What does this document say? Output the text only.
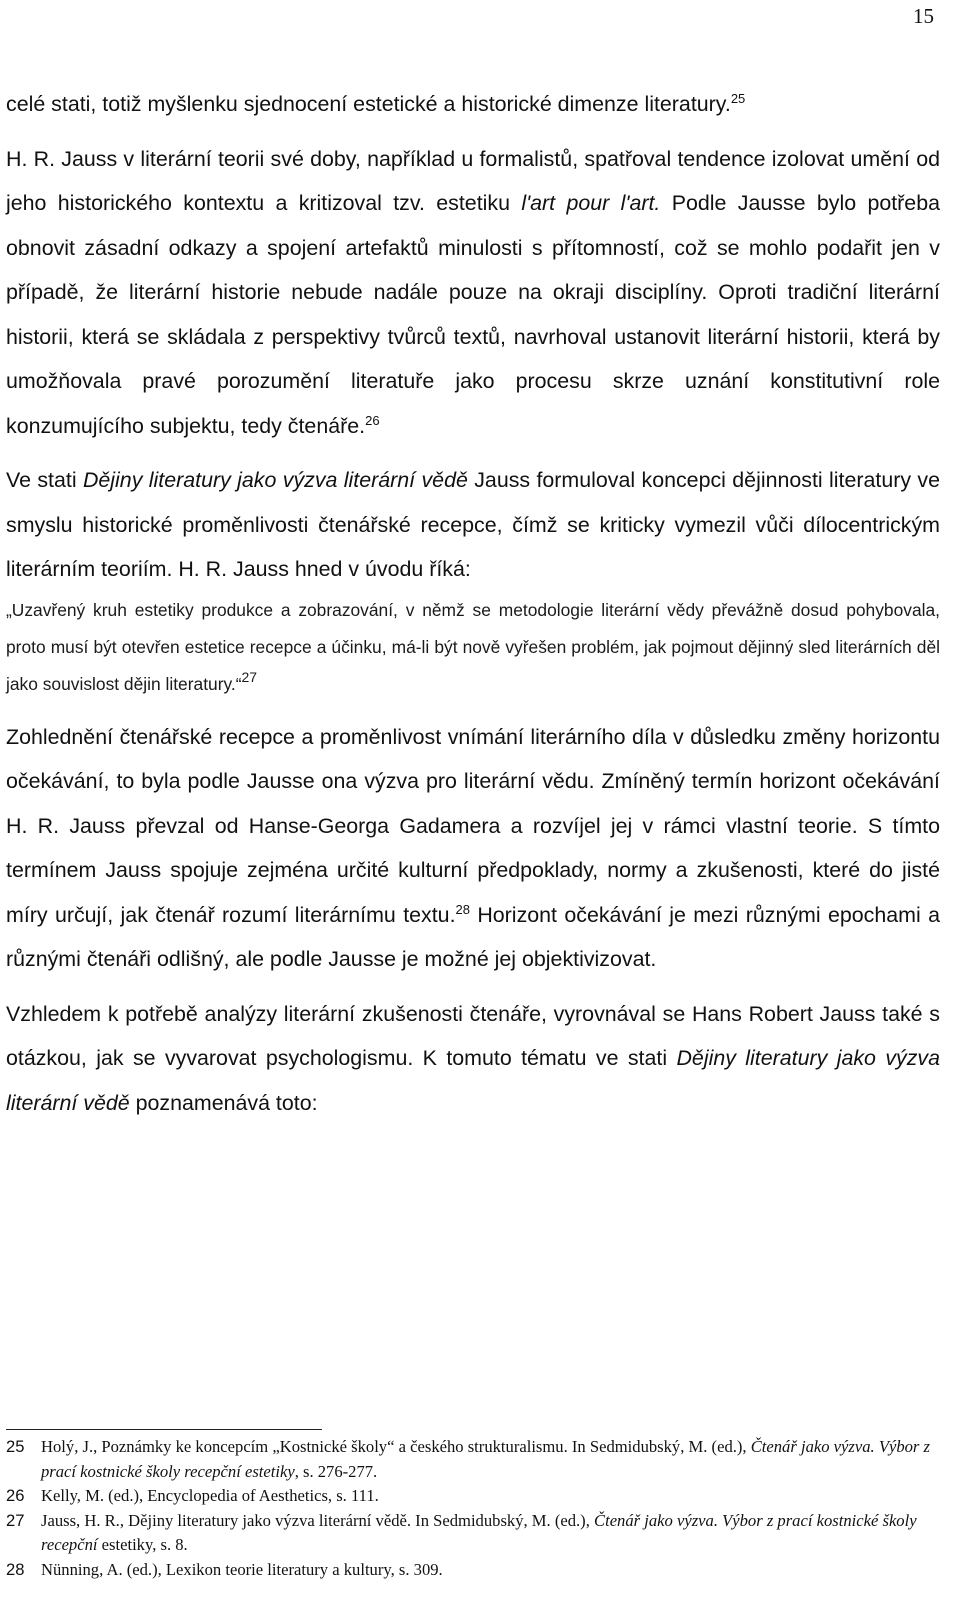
15

celé stati, totiž myšlenku sjednocení estetické a historické dimenze literatury.$^{25}$

H. R. Jauss v literární teorii své doby, například u formalistů, spatřoval tendence izolovat umění od jeho historického kontextu a kritizoval tzv. estetiku l'art pour l'art. Podle Jausse bylo potřeba obnovit zásadní odkazy a spojení artefaktů minulosti s přítomností, což se mohlo podařit jen v případě, že literární historie nebude nadále pouze na okraji disciplíny. Oproti tradiční literární historii, která se skládala z perspektivy tvůrců textů, navrhoval ustanovit literární historii, která by umožňovala pravé porozumění literatuře jako procesu skrze uznání konstitutivní role konzumujícího subjektu, tedy čtenáře.$^{26}$

Ve stati Dějiny literatury jako výzva literární vědě Jauss formuloval koncepci dějinnosti literatury ve smyslu historické proměnlivosti čtenářské recepce, čímž se kriticky vymezil vůči dílocentrickým literárním teoriím. H. R. Jauss hned v úvodu říká:

„Uzavřený kruh estetiky produkce a zobrazování, v němž se metodologie literární vědy převážně dosud pohybovala, proto musí být otevřen estetice recepce a účinku, má-li být nově vyřešen problém, jak pojmout dějinný sled literárních děl jako souvislost dějin literatury.“$^{27}$

Zohlednění čtenářské recepce a proměnlivost vnímání literárního díla v důsledku změny horizontu očekávání, to byla podle Jausse ona výzva pro literární vědu. Zmíněný termín horizont očekávání H. R. Jauss převzal od Hanse-Georga Gadamera a rozvíjel jej v rámci vlastní teorie. S tímto termínem Jauss spojuje zejména určité kulturní předpoklady, normy a zkušenosti, které do jisté míry určují, jak čtenář rozumí literárnímu textu.$^{28}$ Horizont očekávání je mezi různými epochami a různými čtenáři odlišný, ale podle Jausse je možné jej objektivizovat.

Vzhledem k potřebě analýzy literární zkušenosti čtenáře, vyrovnával se Hans Robert Jauss také s otázkou, jak se vyvarovat psychologismu. K tomuto tématu ve stati Dějiny literatury jako výzva literární vědě poznamenává toto:

25 Holý, J., Poznámky ke koncepcím „Kostnické školy“ a českého strukturalismu. In Sedmidubský, M. (ed.), Čtenář jako výzva. Výbor z prací kostnické školy recepční estetiky, s. 276-277.
26 Kelly, M. (ed.), Encyclopedia of Aesthetics, s. 111.
27 Jauss, H. R., Dějiny literatury jako výzva literární vědě. In Sedmidubský, M. (ed.), Čtenář jako výzva. Výbor z prací kostnické školy recepční estetiky, s. 8.
28 Nünning, A. (ed.), Lexikon teorie literatury a kultury, s. 309.
